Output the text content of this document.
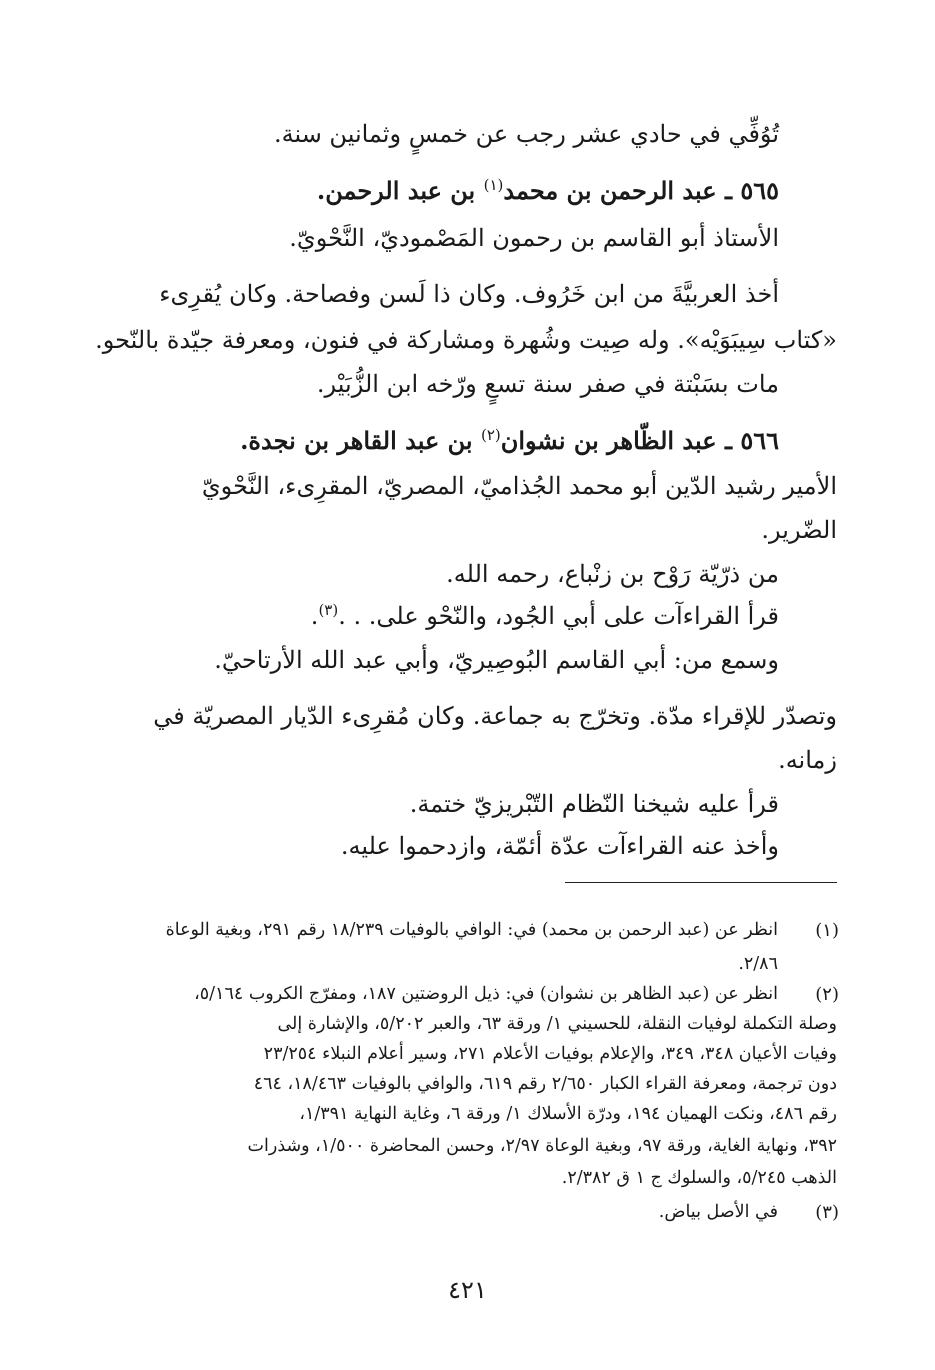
تُوُفِّي في حادي عشر رجب عن خمسٍ وثمانين سنة.
٥٦٥ ـ عبد الرحمن بن محمد$^{(١)}$ بن عبد الرحمن.
الأستاذ أبو القاسم بن رحمون المَصْموديّ، النَّحْويّ.
أخذ العربيَّةَ من ابن خَرُوف. وكان ذا لَسن وفصاحة. وكان يُقرِىء
«كتاب سِيبَوَيْه». وله صِيت وشُهرة ومشاركة في فنون، ومعرفة جيّدة بالنّحو.
مات بسَبْتة في صفر سنة تسعٍ ورّخه ابن الزُّبَيْر.
٥٦٦ ـ عبد الظّاهر بن نشوان$^{(٢)}$ بن عبد القاهر بن نجدة.
الأمير رشيد الدّين أبو محمد الجُذاميّ، المصريّ، المقرِىء، النَّحْويّ
الضّرير.
من ذرّيّة رَوْح بن زنْباع، رحمه الله.
قرأ القراءآت على أبي الجُود، والنّحْو على. . .$^{(٣)}$.
وسمع من: أبي القاسم البُوصِيريّ، وأبي عبد الله الأرتاحيّ.
وتصدّر للإقراء مدّة. وتخرّج به جماعة. وكان مُقرِىء الدّيار المصريّة في
زمانه.
قرأ عليه شيخنا النّظام التّبْريزيّ ختمة.
وأخذ عنه القراءآت عدّة أئمّة، وازدحموا عليه.
(١)
انظر عن (عبد الرحمن بن محمد) في: الوافي بالوفيات ١٨/٢٣٩ رقم ٢٩١، وبغية الوعاة
٢/٨٦.
(٢)
انظر عن (عبد الظاهر بن نشوان) في: ذيل الروضتين ١٨٧، ومفرّج الكروب ٥/١٦٤،
وصلة التكملة لوفيات النقلة، للحسيني ١/ ورقة ٦٣، والعبر ٥/٢٠٢، والإشارة إلى
وفيات الأعيان ٣٤٨، ٣٤٩، والإعلام بوفيات الأعلام ٢٧١، وسير أعلام النبلاء ٢٣/٢٥٤
دون ترجمة، ومعرفة القراء الكبار ٢/٦٥٠ رقم ٦١٩، والوافي بالوفيات ١٨/٤٦٣، ٤٦٤
رقم ٤٨٦، ونكت الهميان ١٩٤، ودرّة الأسلاك ١/ ورقة ٦، وغاية النهاية ١/٣٩١،
٣٩٢، ونهاية الغاية، ورقة ٩٧، وبغية الوعاة ٢/٩٧، وحسن المحاضرة ١/٥٠٠، وشذرات
الذهب ٥/٢٤٥، والسلوك ج ١ ق ٢/٣٨٢.
(٣)
في الأصل بياض.
٤٢١
